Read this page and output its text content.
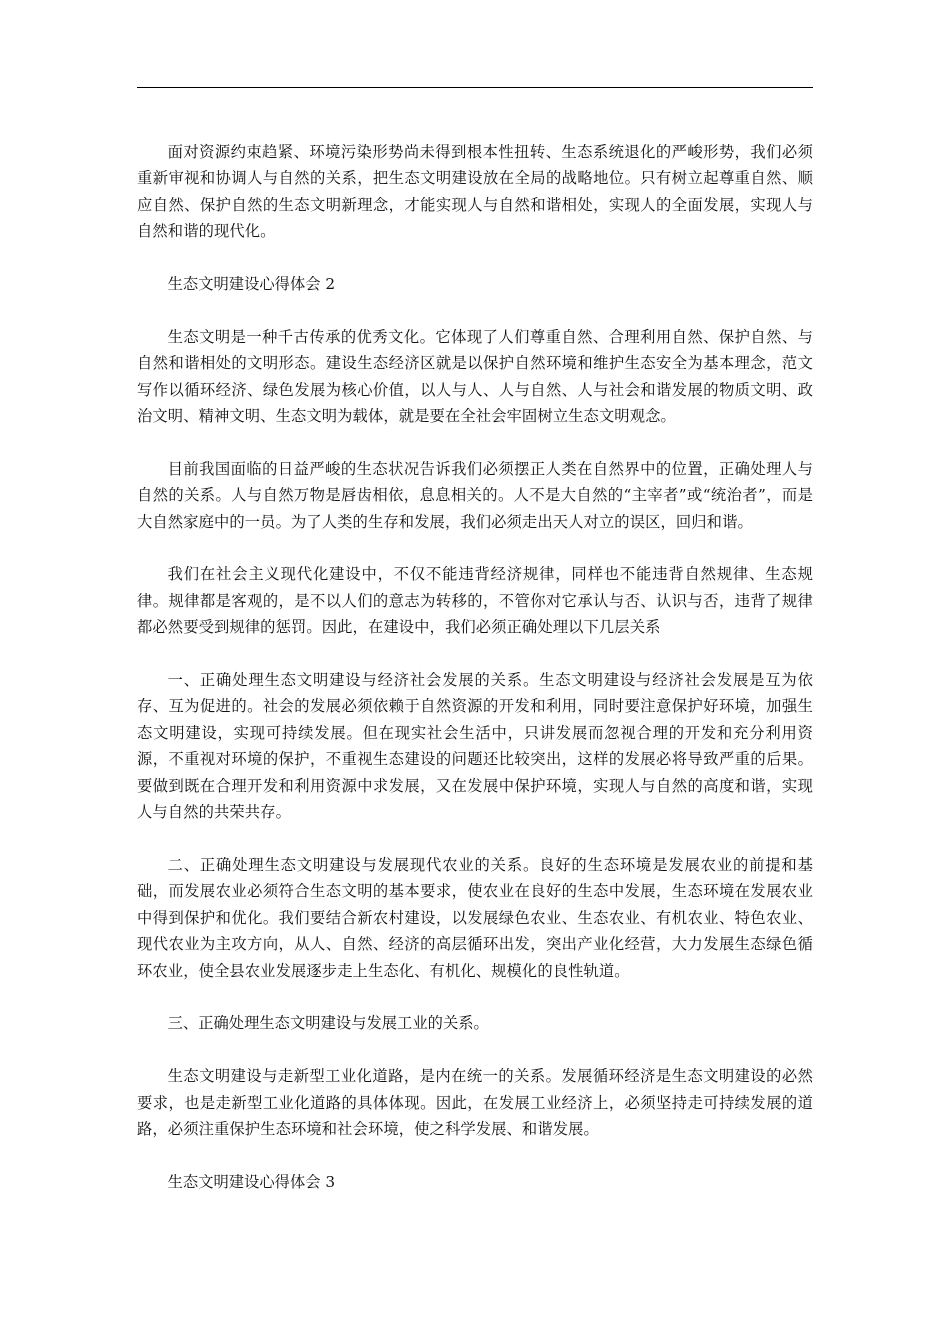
面对资源约束趋紧、环境污染形势尚未得到根本性扭转、生态系统退化的严峻形势，我们必须重新审视和协调人与自然的关系，把生态文明建设放在全局的战略地位。只有树立起尊重自然、顺应自然、保护自然的生态文明新理念，才能实现人与自然和谐相处，实现人的全面发展，实现人与自然和谐的现代化。

生态文明建设心得体会 2

生态文明是一种千古传承的优秀文化。它体现了人们尊重自然、合理利用自然、保护自然、与自然和谐相处的文明形态。建设生态经济区就是以保护自然环境和维护生态安全为基本理念，范文写作以循环经济、绿色发展为核心价值，以人与人、人与自然、人与社会和谐发展的物质文明、政治文明、精神文明、生态文明为载体，就是要在全社会牢固树立生态文明观念。

目前我国面临的日益严峻的生态状况告诉我们必须摆正人类在自然界中的位置，正确处理人与自然的关系。人与自然万物是唇齿相依，息息相关的。人不是大自然的“主宰者”或“统治者”，而是大自然家庭中的一员。为了人类的生存和发展，我们必须走出天人对立的误区，回归和谐。

我们在社会主义现代化建设中，不仅不能违背经济规律，同样也不能违背自然规律、生态规律。规律都是客观的，是不以人们的意志为转移的，不管你对它承认与否、认识与否，违背了规律都必然要受到规律的惩罚。因此，在建设中，我们必须正确处理以下几层关系

一、正确处理生态文明建设与经济社会发展的关系。生态文明建设与经济社会发展是互为依存、互为促进的。社会的发展必须依赖于自然资源的开发和利用，同时要注意保护好环境，加强生态文明建设，实现可持续发展。但在现实社会生活中，只讲发展而忽视合理的开发和充分利用资源，不重视对环境的保护，不重视生态建设的问题还比较突出，这样的发展必将导致严重的后果。要做到既在合理开发和利用资源中求发展，又在发展中保护环境，实现人与自然的高度和谐，实现人与自然的共荣共存。

二、正确处理生态文明建设与发展现代农业的关系。良好的生态环境是发展农业的前提和基础，而发展农业必须符合生态文明的基本要求，使农业在良好的生态中发展，生态环境在发展农业中得到保护和优化。我们要结合新农村建设，以发展绿色农业、生态农业、有机农业、特色农业、现代农业为主攻方向，从人、自然、经济的高层循环出发，突出产业化经营，大力发展生态绿色循环农业，使全县农业发展逐步走上生态化、有机化、规模化的良性轨道。

三、正确处理生态文明建设与发展工业的关系。

生态文明建设与走新型工业化道路，是内在统一的关系。发展循环经济是生态文明建设的必然要求，也是走新型工业化道路的具体体现。因此，在发展工业经济上，必须坚持走可持续发展的道路，必须注重保护生态环境和社会环境，使之科学发展、和谐发展。

生态文明建设心得体会 3
